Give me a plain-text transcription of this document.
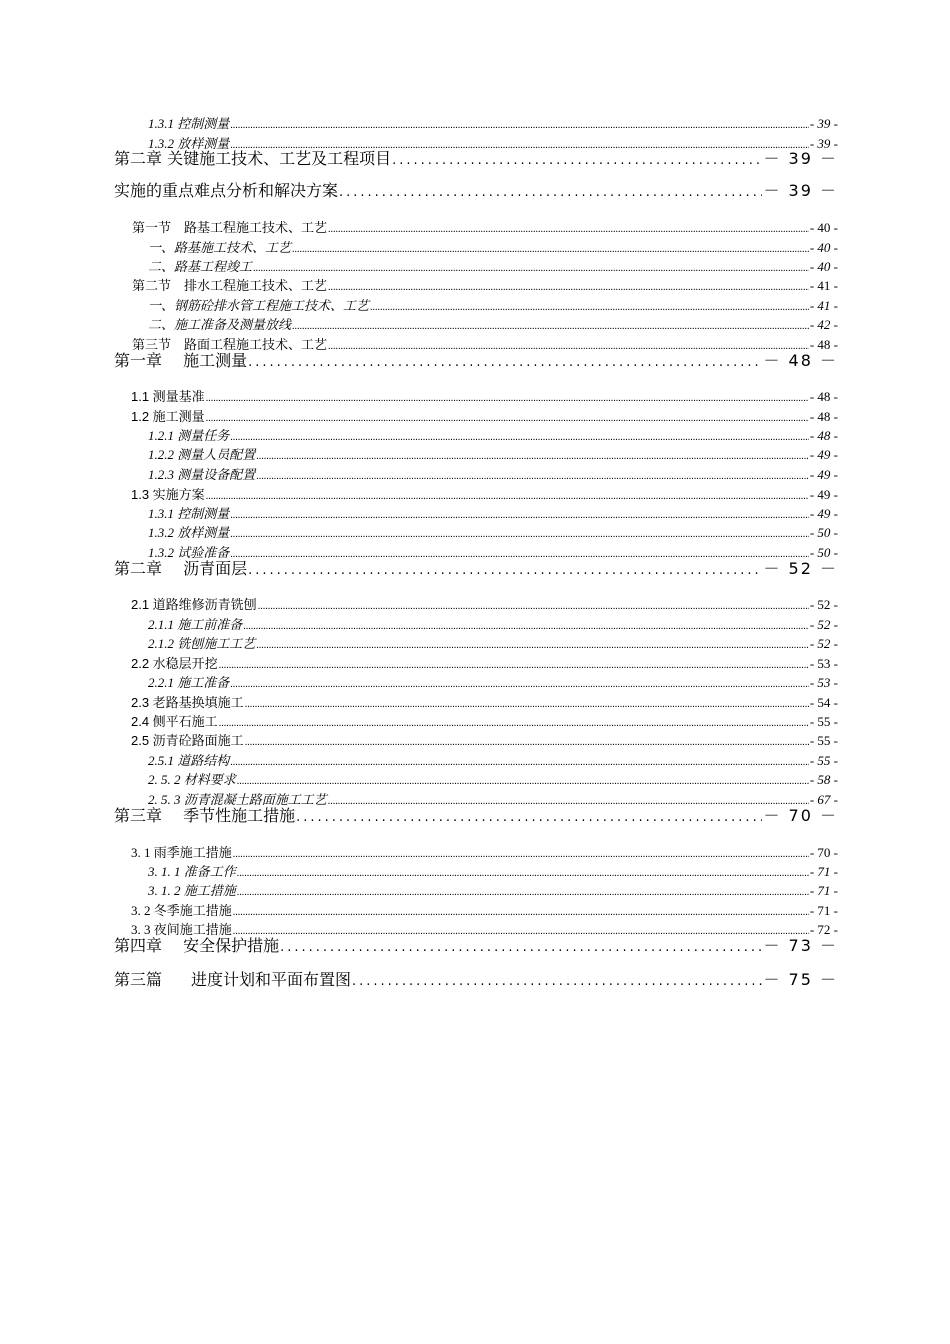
1.3.1 控制测量 .....	- 39 -
1.3.2 放样测量 .....	- 39 -
第二章 关键施工技术、工艺及工程项目 .....	－ 39 －
实施的重点难点分析和解决方案 .....	－ 39 －
第一节　路基工程施工技术、工艺 .....	- 40 -
一、路基施工技术、工艺 .....	- 40 -
二、路基工程竣工 .....	- 40 -
第二节　排水工程施工技术、工艺 .....	- 41 -
一、钢筋砼排水管工程施工技术、工艺 .....	- 41 -
二、施工准备及测量放线 .....	- 42 -
第三节　路面工程施工技术、工艺 .....	- 48 -
第一章　 施工测量 .....	－ 48 －
1.1 测量基准 .....	- 48 -
1.2 施工测量 .....	- 48 -
1.2.1 测量任务 .....	- 48 -
1.2.2 测量人员配置 .....	- 49 -
1.2.3 测量设备配置 .....	- 49 -
1.3 实施方案 .....	- 49 -
1.3.1 控制测量 .....	- 49 -
1.3.2 放样测量 .....	- 50 -
1.3.2 试验准备 .....	- 50 -
第二章　 沥青面层 .....	－ 52 －
2.1 道路维修沥青铣刨 .....	- 52 -
2.1.1 施工前准备 .....	- 52 -
2.1.2 铣刨施工工艺 .....	- 52 -
2.2 水稳层开挖 .....	- 53 -
2.2.1 施工准备 .....	- 53 -
2.3 老路基换填施工 .....	- 54 -
2.4 侧平石施工 .....	- 55 -
2.5 沥青砼路面施工 .....	- 55 -
2.5.1 道路结构 .....	- 55 -
2. 5. 2 材料要求 .....	- 58 -
2. 5. 3 沥青混凝土路面施工工艺 .....	- 67 -
第三章　 季节性施工措施 .....	－ 70 －
3. 1 雨季施工措施 .....	- 70 -
3. 1. 1 准备工作 .....	- 71 -
3. 1. 2 施工措施 .....	- 71 -
3. 2 冬季施工措施 .....	- 71 -
3. 3 夜间施工措施 .....	- 72 -
第四章　 安全保护措施 .....	－ 73 －
第三篇 进度计划和平面布置图 .....	－ 75 －
